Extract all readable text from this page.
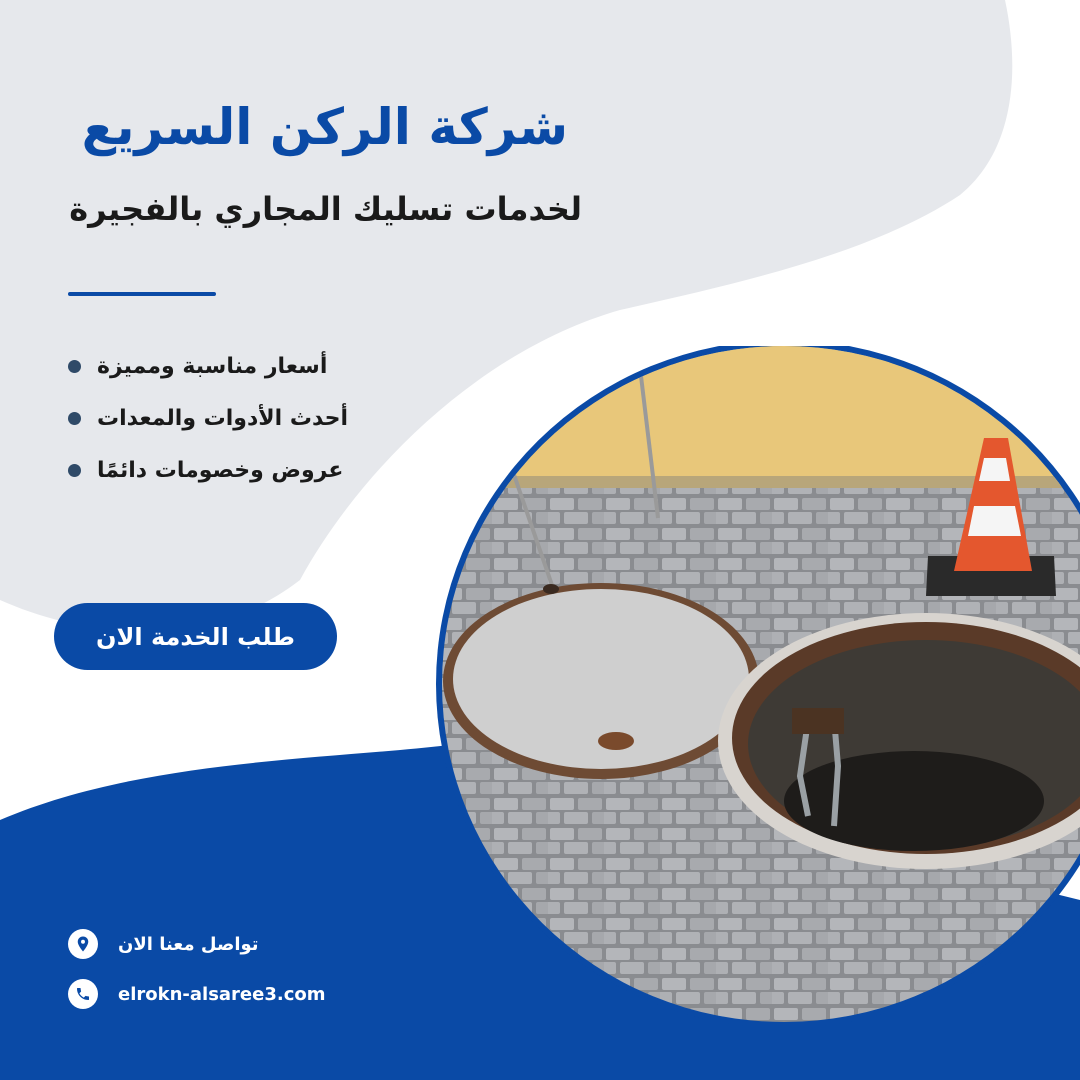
شركة الركن السريع
لخدمات تسليك المجاري بالفجيرة
أسعار مناسبة ومميزة
أحدث الأدوات والمعدات
عروض وخصومات دائمًا
طلب الخدمة الان
تواصل معنا الان
elrokn-alsaree3.com
